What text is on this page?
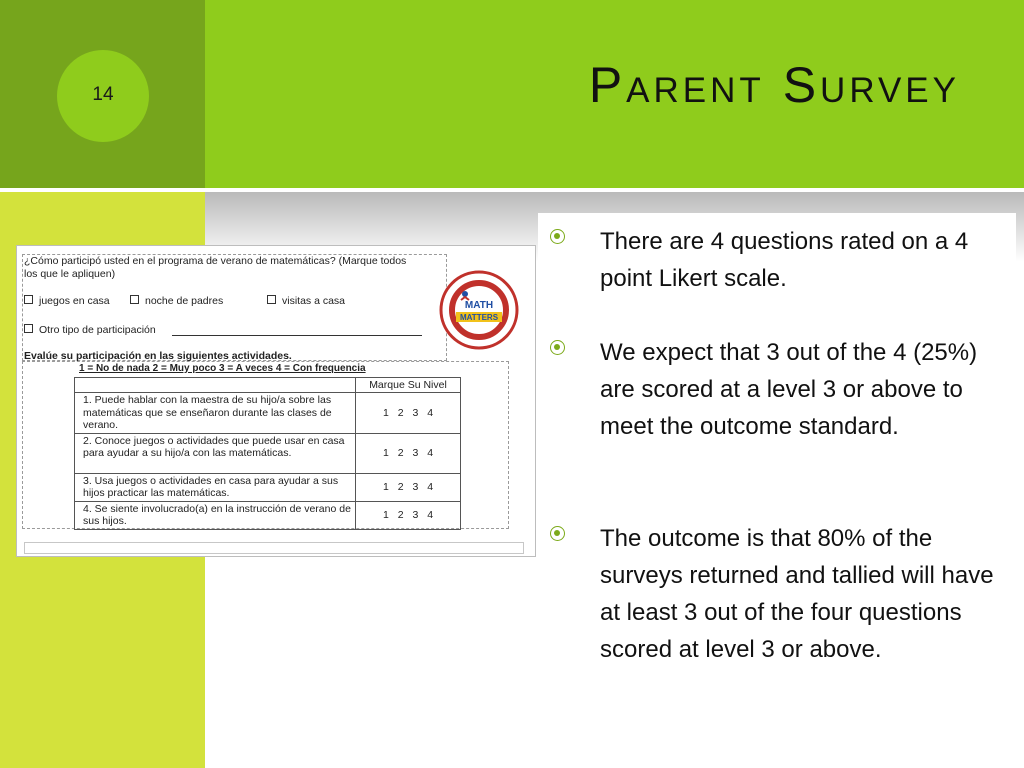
14	Parent Survey
There are 4 questions rated on a 4 point Likert scale.
We expect that 3 out of the 4 (25%) are scored at a level 3 or above to meet the outcome standard.
The outcome is that 80% of the surveys returned and tallied will have at least 3 out of the four questions scored at level 3 or above.
¿Cómo participó usted en el programa de verano de matemáticas? (Marque todos los que le apliquen)
juegos en casa	noche de padres	visitas a casa
Otro tipo de participación
Evalúe su participación en las siguientes actividades.
1 = No de nada 2 = Muy poco 3 = A veces 4 = Con frequencia
	Marque Su Nivel
1. Puede hablar con la maestra de su hijo/a sobre las matemáticas que se enseñaron durante las clases de verano.	1 2 3 4
2. Conoce juegos o actividades que puede usar en casa para ayudar a su hijo/a con las matemáticas.	1 2 3 4
3. Usa juegos o actividades en casa para ayudar a sus hijos practicar las matemáticas.	1 2 3 4
4. Se siente involucrado(a) en la instrucción de verano de sus hijos.	1 2 3 4
MATH
MATTERS
